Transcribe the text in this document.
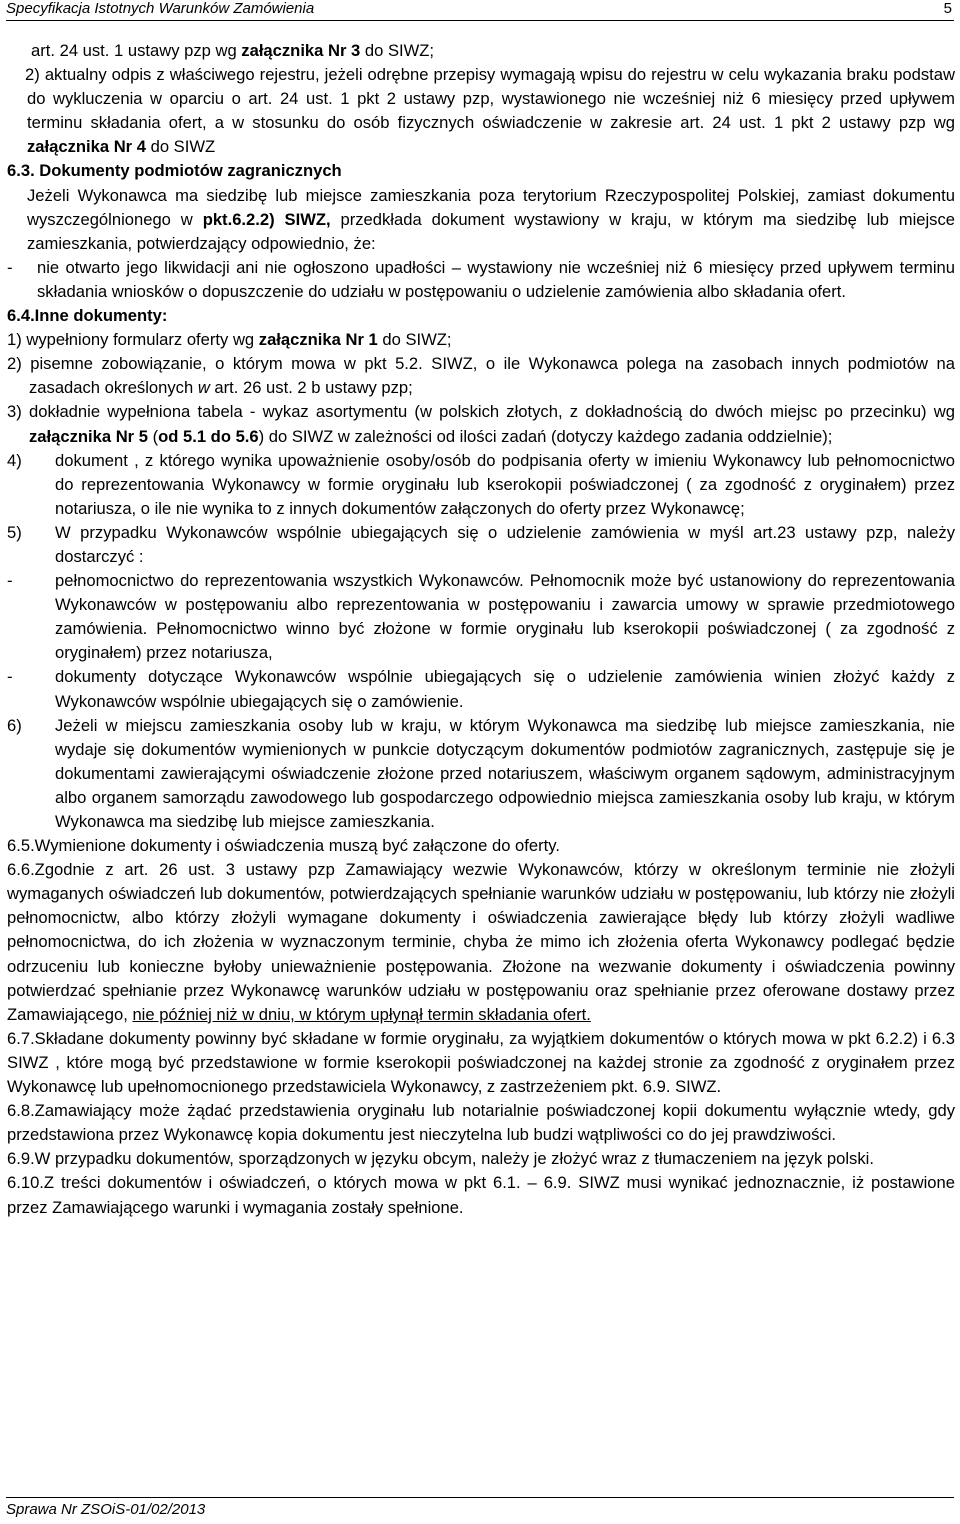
Specyfikacja Istotnych Warunków Zamówienia	5

art. 24 ust. 1 ustawy pzp wg załącznika Nr 3 do SIWZ;

2) aktualny odpis z właściwego rejestru, jeżeli odrębne przepisy wymagają wpisu do rejestru w celu wykazania braku podstaw do wykluczenia w oparciu o art. 24 ust. 1 pkt 2 ustawy pzp, wystawionego nie wcześniej niż 6 miesięcy przed upływem terminu składania ofert, a w stosunku do osób fizycznych oświadczenie w zakresie art. 24 ust. 1 pkt 2 ustawy pzp wg załącznika Nr 4 do SIWZ

6.3. Dokumenty podmiotów zagranicznych

Jeżeli Wykonawca ma siedzibę lub miejsce zamieszkania poza terytorium Rzeczypospolitej Polskiej, zamiast dokumentu wyszczególnionego w pkt.6.2.2) SIWZ, przedkłada dokument wystawiony w kraju, w którym ma siedzibę lub miejsce zamieszkania, potwierdzający odpowiednio, że:

-	nie otwarto jego likwidacji ani nie ogłoszono upadłości – wystawiony nie wcześniej niż 6 miesięcy przed upływem terminu składania wniosków o dopuszczenie do udziału w postępowaniu o udzielenie zamówienia albo składania ofert.

6.4.Inne dokumenty:

1) wypełniony formularz oferty wg załącznika Nr 1 do SIWZ;

2) pisemne zobowiązanie, o którym mowa w pkt 5.2. SIWZ, o ile Wykonawca polega na zasobach innych podmiotów na zasadach określonych w art. 26 ust. 2 b ustawy pzp;

3) dokładnie wypełniona tabela - wykaz asortymentu (w polskich złotych, z dokładnością do dwóch miejsc po przecinku) wg załącznika Nr 5 (od 5.1 do 5.6) do SIWZ w zależności od ilości zadań (dotyczy każdego zadania oddzielnie);
4)	dokument , z którego wynika upoważnienie osoby/osób do podpisania oferty w imieniu Wykonawcy lub pełnomocnictwo do reprezentowania Wykonawcy w formie oryginału lub kserokopii poświadczonej ( za zgodność z oryginałem) przez notariusza, o ile nie wynika to z innych dokumentów załączonych do oferty przez Wykonawcę;
5)	W przypadku Wykonawców wspólnie ubiegających się o udzielenie zamówienia w myśl art.23 ustawy pzp, należy dostarczyć :
-	pełnomocnictwo do reprezentowania wszystkich Wykonawców. Pełnomocnik może być ustanowiony do reprezentowania Wykonawców w postępowaniu albo reprezentowania w postępowaniu i zawarcia umowy w sprawie przedmiotowego zamówienia. Pełnomocnictwo winno być złożone w formie oryginału lub kserokopii poświadczonej ( za zgodność z oryginałem) przez notariusza,
-	dokumenty dotyczące Wykonawców wspólnie ubiegających się o udzielenie zamówienia winien złożyć każdy z Wykonawców wspólnie ubiegających się o zamówienie.
6)	Jeżeli w miejscu zamieszkania osoby lub w kraju, w którym Wykonawca ma siedzibę lub miejsce zamieszkania, nie wydaje się dokumentów wymienionych w punkcie dotyczącym dokumentów podmiotów zagranicznych, zastępuje się je dokumentami zawierającymi oświadczenie złożone przed notariuszem, właściwym organem sądowym, administracyjnym albo organem samorządu zawodowego lub gospodarczego odpowiednio miejsca zamieszkania osoby lub kraju, w którym Wykonawca ma siedzibę lub miejsce zamieszkania.

6.5.Wymienione dokumenty i oświadczenia muszą być załączone do oferty.

6.6.Zgodnie z art. 26 ust. 3 ustawy pzp Zamawiający wezwie Wykonawców, którzy w określonym terminie nie złożyli wymaganych oświadczeń lub dokumentów, potwierdzających spełnianie warunków udziału w postępowaniu, lub którzy nie złożyli pełnomocnictw, albo którzy złożyli wymagane dokumenty i oświadczenia zawierające błędy lub którzy złożyli wadliwe pełnomocnictwa, do ich złożenia w wyznaczonym terminie, chyba że mimo ich złożenia oferta Wykonawcy podlegać będzie odrzuceniu lub konieczne byłoby unieważnienie postępowania. Złożone na wezwanie dokumenty i oświadczenia powinny potwierdzać spełnianie przez Wykonawcę warunków udziału w postępowaniu oraz spełnianie przez oferowane dostawy przez Zamawiającego, nie później niż w dniu, w którym upłynął termin składania ofert.

6.7.Składane dokumenty powinny być składane w formie oryginału, za wyjątkiem dokumentów o których mowa w pkt 6.2.2) i 6.3 SIWZ , które mogą być przedstawione w formie kserokopii poświadczonej na każdej stronie za zgodność z oryginałem przez Wykonawcę lub upełnomocnionego przedstawiciela Wykonawcy, z zastrzeżeniem pkt. 6.9. SIWZ.

6.8.Zamawiający może żądać przedstawienia oryginału lub notarialnie poświadczonej kopii dokumentu wyłącznie wtedy, gdy przedstawiona przez Wykonawcę kopia dokumentu jest nieczytelna lub budzi wątpliwości co do jej prawdziwości.

6.9.W przypadku dokumentów, sporządzonych w języku obcym, należy je złożyć wraz z tłumaczeniem na język polski.

6.10.Z treści dokumentów i oświadczeń, o których mowa w pkt 6.1. – 6.9. SIWZ musi wynikać jednoznacznie, iż postawione przez Zamawiającego warunki i wymagania zostały spełnione.

Sprawa Nr ZSOiS-01/02/2013
